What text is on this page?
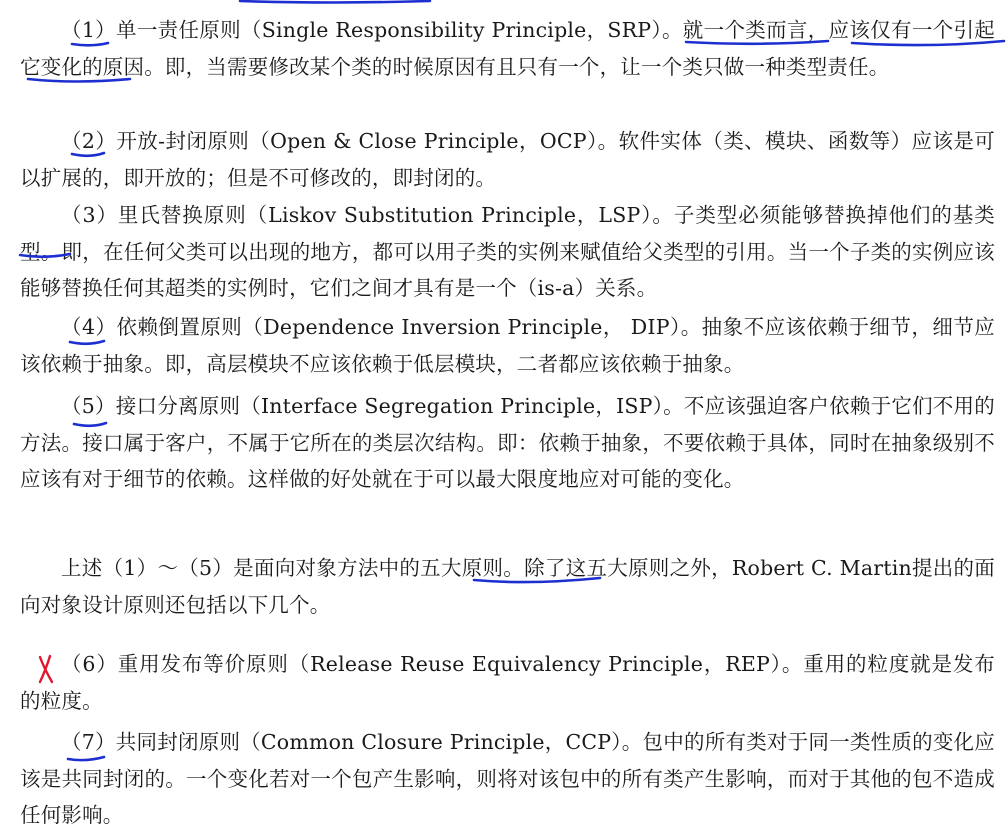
（1）单一责任原则（Single Responsibility Principle，SRP）。就一个类而言，应该仅有一个引起它变化的原因。即，当需要修改某个类的时候原因有且只有一个，让一个类只做一种类型责任。

（2）开放-封闭原则（Open & Close Principle，OCP）。软件实体（类、模块、函数等）应该是可以扩展的，即开放的；但是不可修改的，即封闭的。

（3）里氏替换原则（Liskov Substitution Principle，LSP）。子类型必须能够替换掉他们的基类型。即，在任何父类可以出现的地方，都可以用子类的实例来赋值给父类型的引用。当一个子类的实例应该能够替换任何其超类的实例时，它们之间才具有是一个（is-a）关系。

（4）依赖倒置原则（Dependence Inversion Principle， DIP）。抽象不应该依赖于细节，细节应该依赖于抽象。即，高层模块不应该依赖于低层模块，二者都应该依赖于抽象。

（5）接口分离原则（Interface Segregation Principle，ISP）。不应该强迫客户依赖于它们不用的方法。接口属于客户，不属于它所在的类层次结构。即：依赖于抽象，不要依赖于具体，同时在抽象级别不应该有对于细节的依赖。这样做的好处就在于可以最大限度地应对可能的变化。

上述（1）～（5）是面向对象方法中的五大原则。除了这五大原则之外，Robert C. Martin提出的面向对象设计原则还包括以下几个。

（6）重用发布等价原则（Release Reuse Equivalency Principle，REP）。重用的粒度就是发布的粒度。

（7）共同封闭原则（Common Closure Principle，CCP）。包中的所有类对于同一类性质的变化应该是共同封闭的。一个变化若对一个包产生影响，则将对该包中的所有类产生影响，而对于其他的包不造成任何影响。
